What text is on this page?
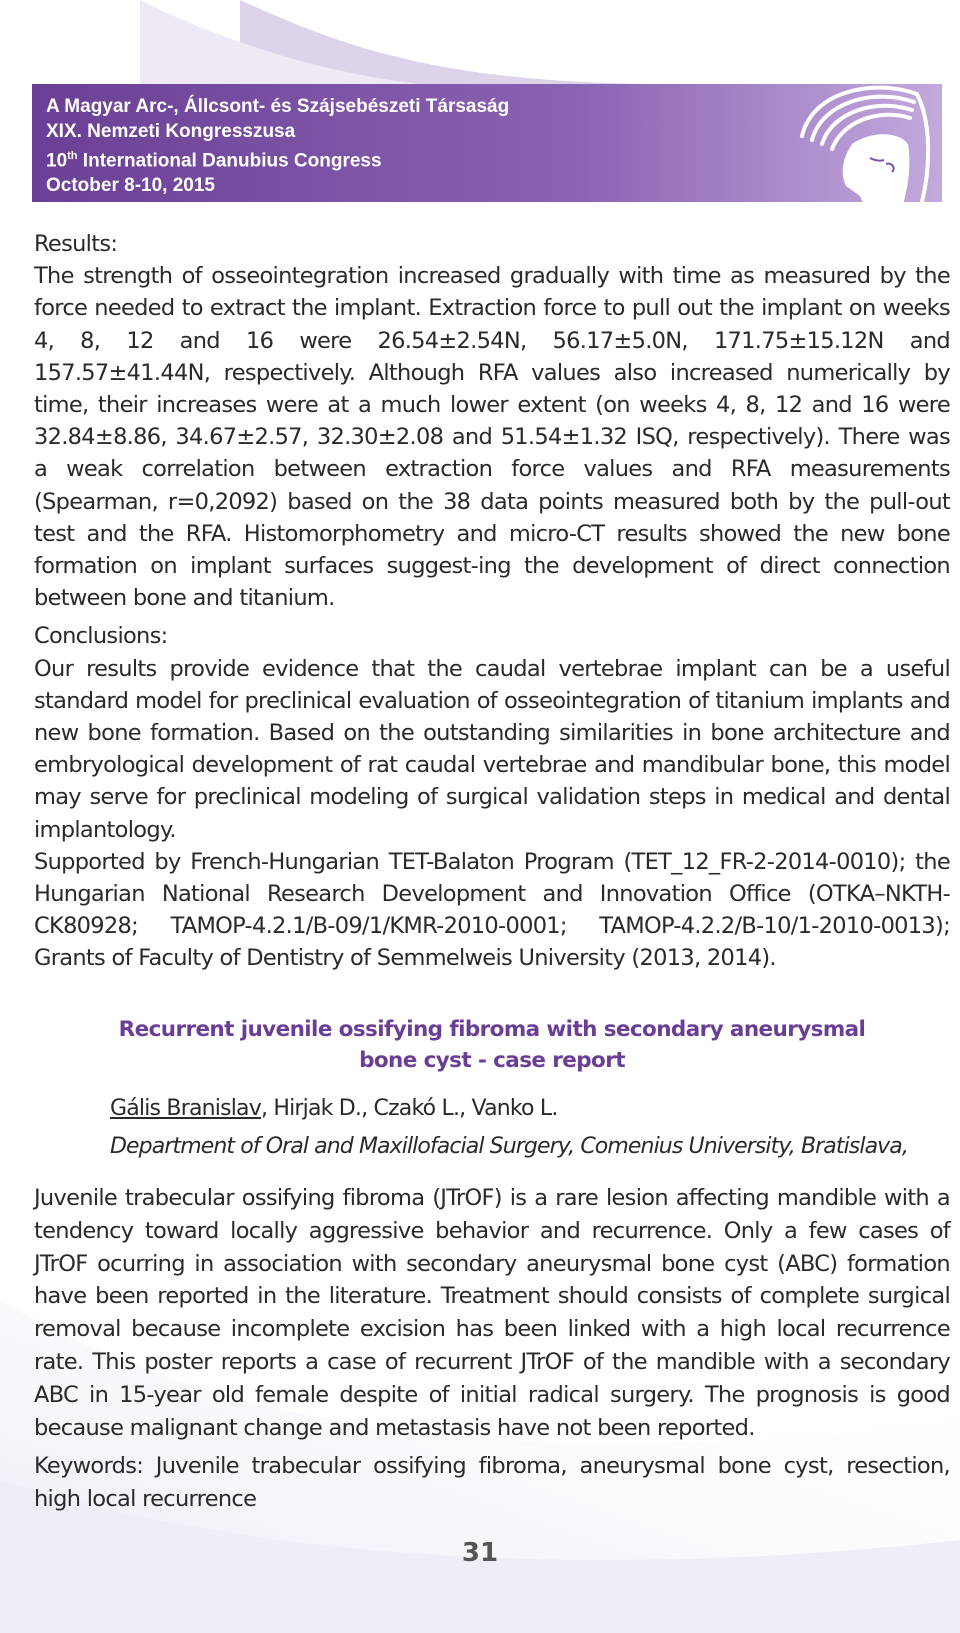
A Magyar Arc-, Állcsont- és Szájsebészeti Társaság
XIX. Nemzeti Kongresszusa
10th International Danubius Congress
October 8-10, 2015

Results:

The strength of osseointegration increased gradually with time as measured by the force needed to extract the implant. Extraction force to pull out the implant on weeks 4, 8, 12 and 16 were 26.54±2.54N, 56.17±5.0N, 171.75±15.12N and 157.57±41.44N, respectively. Although RFA values also increased numerically by time, their increases were at a much lower extent (on weeks 4, 8, 12 and 16 were 32.84±8.86, 34.67±2.57, 32.30±2.08 and 51.54±1.32 ISQ, respectively). There was a weak correlation between extraction force values and RFA measurements (Spearman, r=0,2092) based on the 38 data points measured both by the pull-out test and the RFA. Histomorphometry and micro-CT results showed the new bone formation on implant surfaces suggest-ing the development of direct connection between bone and titanium.

Conclusions:

Our results provide evidence that the caudal vertebrae implant can be a useful standard model for preclinical evaluation of osseointegration of titanium implants and new bone formation. Based on the outstanding similarities in bone architecture and embryological development of rat caudal vertebrae and mandibular bone, this model may serve for preclinical modeling of surgical validation steps in medical and dental implantology.

Supported by French-Hungarian TET-Balaton Program (TET_12_FR-2-2014-0010); the Hungarian National Research Development and Innovation Office (OTKA–NKTH-CK80928; TAMOP-4.2.1/B-09/1/KMR-2010-0001; TAMOP-4.2.2/B-10/1-2010-0013); Grants of Faculty of Dentistry of Semmelweis University (2013, 2014).

Recurrent juvenile ossifying fibroma with secondary aneurysmal
bone cyst - case report
Gális Branislav, Hirjak D., Czakó L., Vanko L.
Department of Oral and Maxillofacial Surgery, Comenius University, Bratislava,

Juvenile trabecular ossifying fibroma (JTrOF) is a rare lesion affecting mandible with a tendency toward locally aggressive behavior and recurrence. Only a few cases of JTrOF ocurring in association with secondary aneurysmal bone cyst (ABC) formation have been reported in the literature. Treatment should consists of complete surgical removal because incomplete excision has been linked with a high local recurrence rate. This poster reports a case of recurrent JTrOF of the mandible with a secondary ABC in 15-year old female despite of initial radical surgery. The prognosis is good because malignant change and metastasis have not been reported.

Keywords: Juvenile trabecular ossifying fibroma, aneurysmal bone cyst, resection, high local recurrence

31
